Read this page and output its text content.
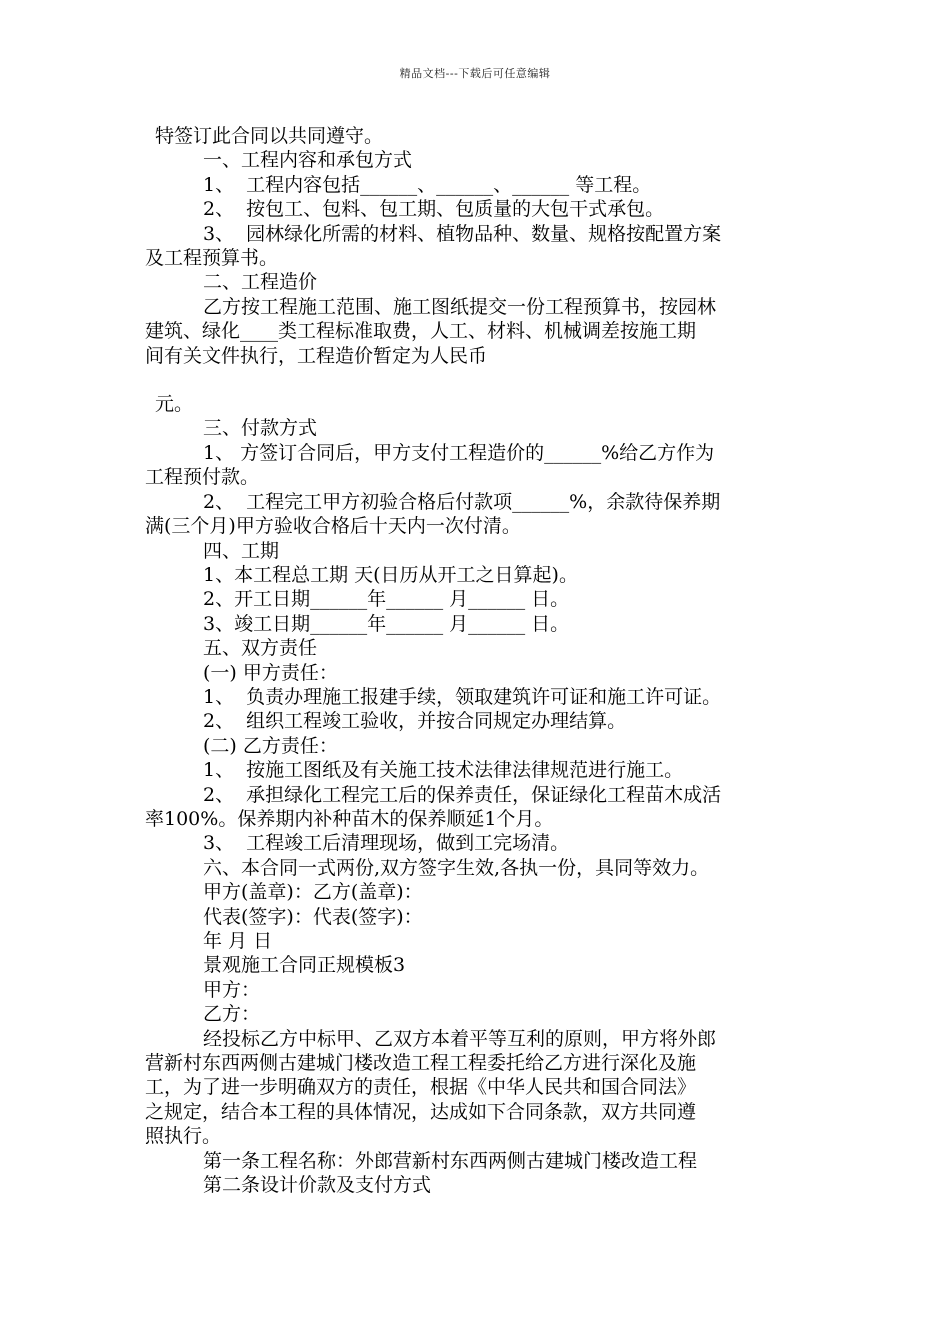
精品文档---下载后可任意编辑
特签订此合同以共同遵守。
一、工程内容和承包方式
1、  工程内容包括______、______、______ 等工程。
2、  按包工、包料、包工期、包质量的大包干式承包。
3、  园林绿化所需的材料、植物品种、数量、规格按配置方案
及工程预算书。
二、工程造价
乙方按工程施工范围、施工图纸提交一份工程预算书，按园林
建筑、绿化____类工程标准取费，人工、材料、机械调差按施工期
间有关文件执行，工程造价暂定为人民币
元。
三、付款方式
1、 方签订合同后，甲方支付工程造价的______%给乙方作为
工程预付款。
2、  工程完工甲方初验合格后付款项______%，余款待保养期
满(三个月)甲方验收合格后十天内一次付清。
四、工期
1、本工程总工期 天(日历从开工之日算起)。
2、开工日期______年______ 月______ 日。
3、竣工日期______年______ 月______ 日。
五、双方责任
(一) 甲方责任：
1、  负责办理施工报建手续，领取建筑许可证和施工许可证。
2、  组织工程竣工验收，并按合同规定办理结算。
(二) 乙方责任：
1、  按施工图纸及有关施工技术法律法律规范进行施工。
2、  承担绿化工程完工后的保养责任，保证绿化工程苗木成活
率100%。保养期内补种苗木的保养顺延1个月。
3、  工程竣工后清理现场，做到工完场清。
六、本合同一式两份,双方签字生效,各执一份，具同等效力。
甲方(盖章)：乙方(盖章)：
代表(签字)：代表(签字)：
年 月 日
景观施工合同正规模板3
甲方：
乙方：
经投标乙方中标甲、乙双方本着平等互利的原则，甲方将外郎
营新村东西两侧古建城门楼改造工程工程委托给乙方进行深化及施
工，为了进一步明确双方的责任，根据《中华人民共和国合同法》
之规定，结合本工程的具体情况，达成如下合同条款，双方共同遵
照执行。
第一条工程名称：外郎营新村东西两侧古建城门楼改造工程
第二条设计价款及支付方式
